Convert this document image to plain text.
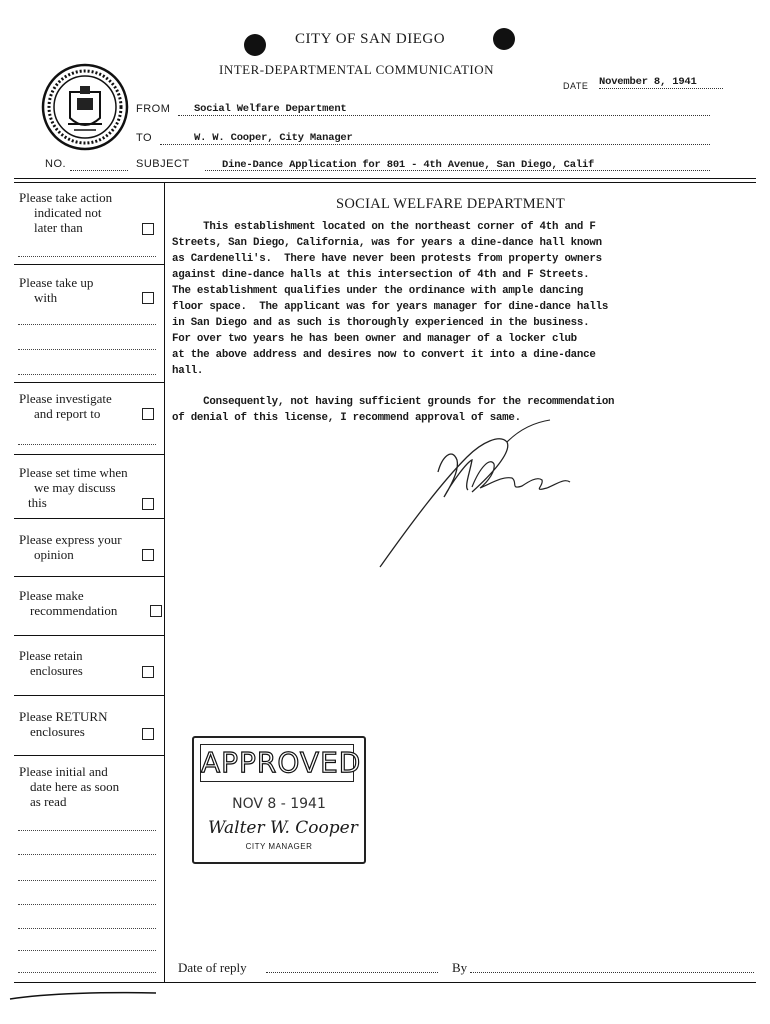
CITY OF SAN DIEGO
INTER-DEPARTMENTAL COMMUNICATION
DATE November 8, 1941
FROM Social Welfare Department
TO	W. W. Cooper, City Manager
NO.	SUBJECT	Dine-Dance Application for 801 - 4th Avenue, San Diego, Calif
Please take action
indicated not
later than
Please take up
with
Please investigate
and report to
Please set time when
we may discuss
this
Please express your
opinion
Please make
recommendation
Please retain
enclosures
Please RETURN
enclosures
Please initial and
date here as soon
as read
SOCIAL WELFARE DEPARTMENT
This establishment located on the northeast corner of 4th and F
Streets, San Diego, California, was for years a dine-dance hall known
as Cardenelli's.  There have never been protests from property owners
against dine-dance halls at this intersection of 4th and F Streets.
The establishment qualifies under the ordinance with ample dancing
floor space.  The applicant was for years manager for dine-dance halls
in San Diego and as such is thoroughly experienced in the business.
For over two years he has been owner and manager of a locker club
at the above address and desires now to convert it into a dine-dance
hall.
Consequently, not having sufficient grounds for the recommendation
of denial of this license, I recommend approval of same.
APPROVED
NOV 8 - 1941
Walter W. Cooper
CITY MANAGER
Date of reply	By
